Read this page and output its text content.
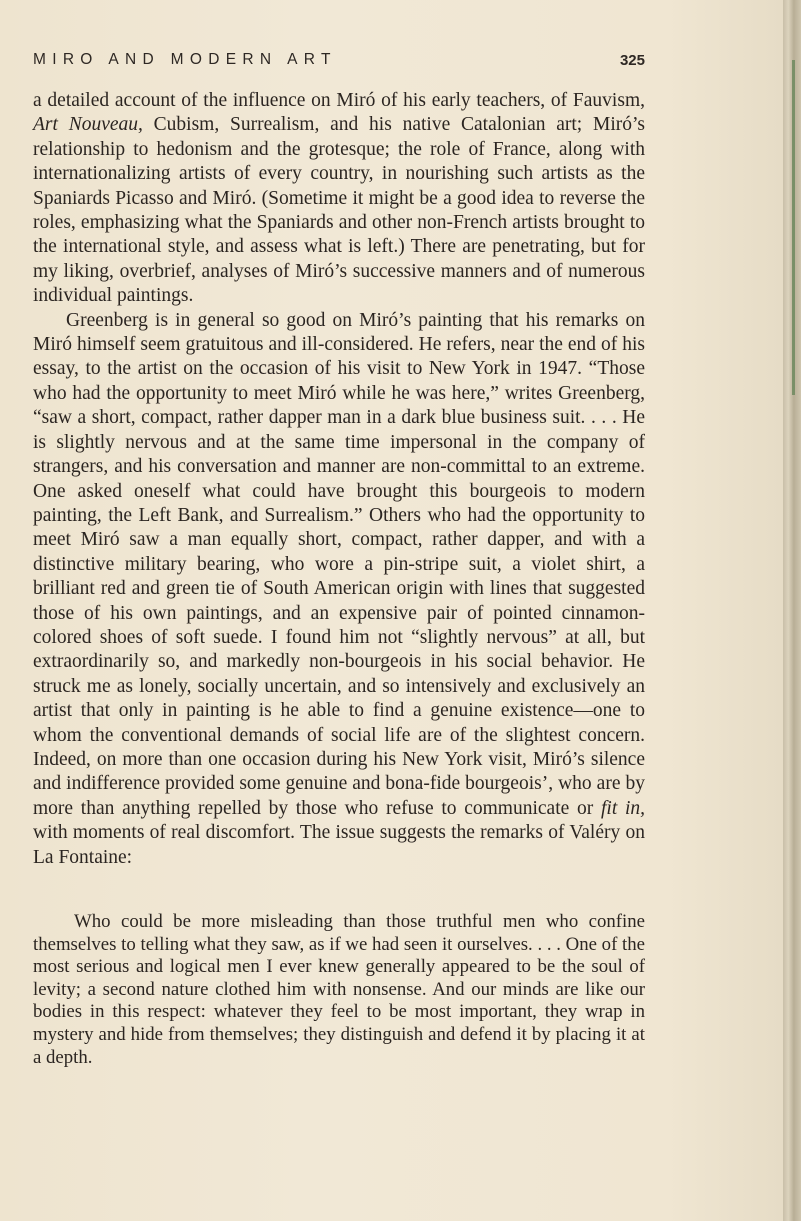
MIRO AND MODERN ART	325

a detailed account of the influence on Miró of his early teachers, of Fauvism, Art Nouveau, Cubism, Surrealism, and his native Catalonian art; Miró’s relationship to hedonism and the grotesque; the role of France, along with internationalizing artists of every country, in nourishing such artists as the Spaniards Picasso and Miró. (Sometime it might be a good idea to reverse the roles, emphasizing what the Spaniards and other non-French artists brought to the international style, and assess what is left.) There are penetrating, but for my liking, overbrief, analyses of Miró’s successive manners and of numerous individual paintings.

Greenberg is in general so good on Miró’s painting that his remarks on Miró himself seem gratuitous and ill-considered. He refers, near the end of his essay, to the artist on the occasion of his visit to New York in 1947. “Those who had the opportunity to meet Miró while he was here,” writes Greenberg, “saw a short, compact, rather dapper man in a dark blue business suit. . . . He is slightly nervous and at the same time impersonal in the company of strangers, and his conversation and manner are non-committal to an extreme. One asked oneself what could have brought this bourgeois to modern painting, the Left Bank, and Surrealism.” Others who had the opportunity to meet Miró saw a man equally short, compact, rather dapper, and with a distinctive military bearing, who wore a pin-stripe suit, a violet shirt, a brilliant red and green tie of South American origin with lines that suggested those of his own paintings, and an expensive pair of pointed cinnamon-colored shoes of soft suede. I found him not “slightly nervous” at all, but extraordinarily so, and markedly non-bourgeois in his social behavior. He struck me as lonely, socially uncertain, and so intensively and exclusively an artist that only in painting is he able to find a genuine existence—one to whom the conventional demands of social life are of the slightest concern. Indeed, on more than one occasion during his New York visit, Miró’s silence and indifference provided some genuine and bona-fide bourgeois’, who are by more than anything repelled by those who refuse to communicate or fit in, with moments of real discomfort. The issue suggests the remarks of Valéry on La Fontaine:

Who could be more misleading than those truthful men who confine themselves to telling what they saw, as if we had seen it ourselves. . . . One of the most serious and logical men I ever knew generally appeared to be the soul of levity; a second nature clothed him with nonsense. And our minds are like our bodies in this respect: whatever they feel to be most important, they wrap in mystery and hide from themselves; they distinguish and defend it by placing it at a depth.
